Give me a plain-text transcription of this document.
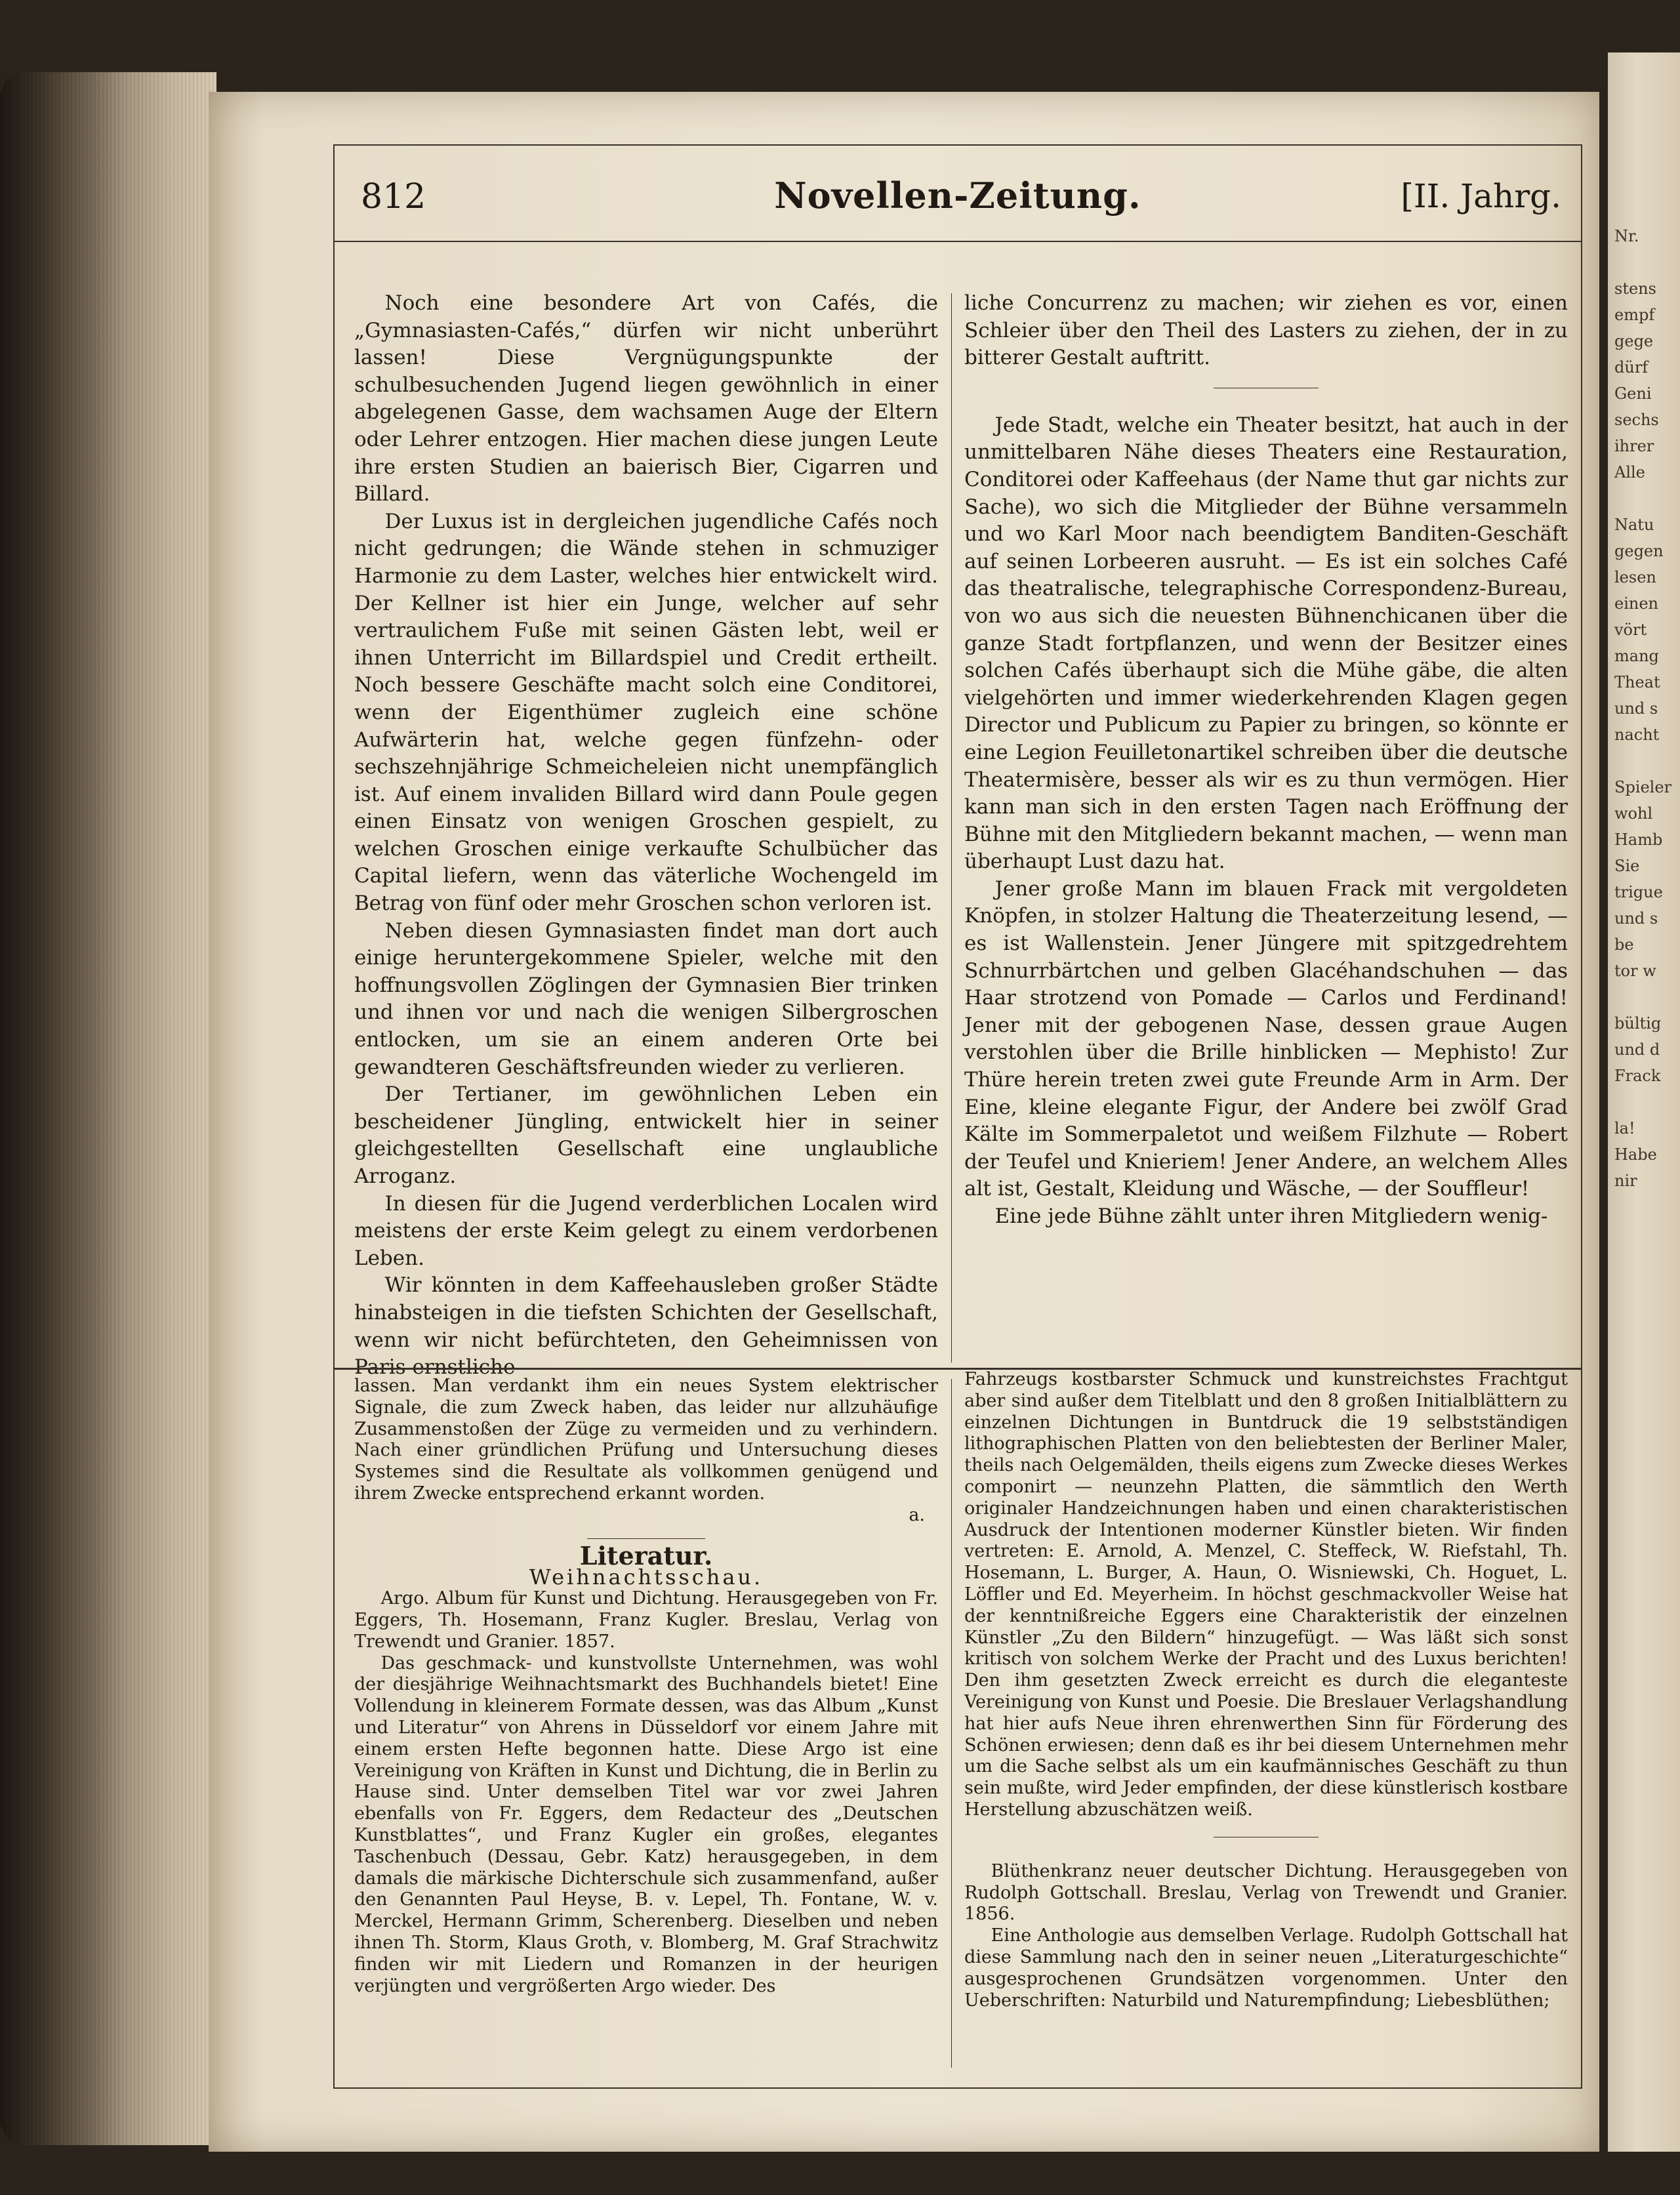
Nr.

stens
empf
gege
dürf
Geni
sechs
ihrer
Alle

Natu
gegen
lesen
einen
vört
mang
Theat
und s
nacht

Spieler
wohl
Hamb
Sie
trigue
und s
be
tor w

bültig
und d
Frack

la!
Habe
nir
812	Novellen-Zeitung.	[II. Jahrg.

Noch eine besondere Art von Cafés, die „Gymnasiasten-Cafés,“ dürfen wir nicht unberührt lassen! Diese Vergnügungspunkte der schulbesuchenden Jugend liegen gewöhnlich in einer abgelegenen Gasse, dem wachsamen Auge der Eltern oder Lehrer entzogen. Hier machen diese jungen Leute ihre ersten Studien an baierisch Bier, Cigarren und Billard.

Der Luxus ist in dergleichen jugendliche Cafés noch nicht gedrungen; die Wände stehen in schmuziger Harmonie zu dem Laster, welches hier entwickelt wird. Der Kellner ist hier ein Junge, welcher auf sehr vertraulichem Fuße mit seinen Gästen lebt, weil er ihnen Unterricht im Billardspiel und Credit ertheilt. Noch bessere Geschäfte macht solch eine Conditorei, wenn der Eigenthümer zugleich eine schöne Aufwärterin hat, welche gegen fünfzehn- oder sechszehnjährige Schmeicheleien nicht unempfänglich ist. Auf einem invaliden Billard wird dann Poule gegen einen Einsatz von wenigen Groschen gespielt, zu welchen Groschen einige verkaufte Schulbücher das Capital liefern, wenn das väterliche Wochengeld im Betrag von fünf oder mehr Groschen schon verloren ist.

Neben diesen Gymnasiasten findet man dort auch einige heruntergekommene Spieler, welche mit den hoffnungsvollen Zöglingen der Gymnasien Bier trinken und ihnen vor und nach die wenigen Silbergroschen entlocken, um sie an einem anderen Orte bei gewandteren Geschäftsfreunden wieder zu verlieren.

Der Tertianer, im gewöhnlichen Leben ein bescheidener Jüngling, entwickelt hier in seiner gleichgestellten Gesellschaft eine unglaubliche Arroganz.

In diesen für die Jugend verderblichen Localen wird meistens der erste Keim gelegt zu einem verdorbenen Leben.

Wir könnten in dem Kaffeehausleben großer Städte hinabsteigen in die tiefsten Schichten der Gesellschaft, wenn wir nicht befürchteten, den Geheimnissen von Paris ernstliche

liche Concurrenz zu machen; wir ziehen es vor, einen Schleier über den Theil des Lasters zu ziehen, der in zu bitterer Gestalt auftritt.

Jede Stadt, welche ein Theater besitzt, hat auch in der unmittelbaren Nähe dieses Theaters eine Restauration, Conditorei oder Kaffeehaus (der Name thut gar nichts zur Sache), wo sich die Mitglieder der Bühne versammeln und wo Karl Moor nach beendigtem Banditen-Geschäft auf seinen Lorbeeren ausruht. — Es ist ein solches Café das theatralische, telegraphische Correspondenz-Bureau, von wo aus sich die neuesten Bühnenchicanen über die ganze Stadt fortpflanzen, und wenn der Besitzer eines solchen Cafés überhaupt sich die Mühe gäbe, die alten vielgehörten und immer wiederkehrenden Klagen gegen Director und Publicum zu Papier zu bringen, so könnte er eine Legion Feuilletonartikel schreiben über die deutsche Theatermisère, besser als wir es zu thun vermögen. Hier kann man sich in den ersten Tagen nach Eröffnung der Bühne mit den Mitgliedern bekannt machen, — wenn man überhaupt Lust dazu hat.

Jener große Mann im blauen Frack mit vergoldeten Knöpfen, in stolzer Haltung die Theaterzeitung lesend, — es ist Wallenstein. Jener Jüngere mit spitzgedrehtem Schnurrbärtchen und gelben Glacéhandschuhen — das Haar strotzend von Pomade — Carlos und Ferdinand! Jener mit der gebogenen Nase, dessen graue Augen verstohlen über die Brille hinblicken — Mephisto! Zur Thüre herein treten zwei gute Freunde Arm in Arm. Der Eine, kleine elegante Figur, der Andere bei zwölf Grad Kälte im Sommerpaletot und weißem Filzhute — Robert der Teufel und Knieriem! Jener Andere, an welchem Alles alt ist, Gestalt, Kleidung und Wäsche, — der Souffleur!

Eine jede Bühne zählt unter ihren Mitgliedern wenig-

lassen. Man verdankt ihm ein neues System elektrischer Signale, die zum Zweck haben, das leider nur allzuhäufige Zusammenstoßen der Züge zu vermeiden und zu verhindern. Nach einer gründlichen Prüfung und Untersuchung dieses Systemes sind die Resultate als vollkommen genügend und ihrem Zwecke entsprechend erkannt worden.

a.

Literatur.

Weihnachtsschau.

Argo. Album für Kunst und Dichtung. Herausgegeben von Fr. Eggers, Th. Hosemann, Franz Kugler. Breslau, Verlag von Trewendt und Granier. 1857.

Das geschmack- und kunstvollste Unternehmen, was wohl der diesjährige Weihnachtsmarkt des Buchhandels bietet! Eine Vollendung in kleinerem Formate dessen, was das Album „Kunst und Literatur“ von Ahrens in Düsseldorf vor einem Jahre mit einem ersten Hefte begonnen hatte. Diese Argo ist eine Vereinigung von Kräften in Kunst und Dichtung, die in Berlin zu Hause sind. Unter demselben Titel war vor zwei Jahren ebenfalls von Fr. Eggers, dem Redacteur des „Deutschen Kunstblattes“, und Franz Kugler ein großes, elegantes Taschenbuch (Dessau, Gebr. Katz) herausgegeben, in dem damals die märkische Dichterschule sich zusammenfand, außer den Genannten Paul Heyse, B. v. Lepel, Th. Fontane, W. v. Merckel, Hermann Grimm, Scherenberg. Dieselben und neben ihnen Th. Storm, Klaus Groth, v. Blomberg, M. Graf Strachwitz finden wir mit Liedern und Romanzen in der heurigen verjüngten und vergrößerten Argo wieder. Des

Fahrzeugs kostbarster Schmuck und kunstreichstes Frachtgut aber sind außer dem Titelblatt und den 8 großen Initialblättern zu einzelnen Dichtungen in Buntdruck die 19 selbstständigen lithographischen Platten von den beliebtesten der Berliner Maler, theils nach Oelgemälden, theils eigens zum Zwecke dieses Werkes componirt — neunzehn Platten, die sämmtlich den Werth originaler Handzeichnungen haben und einen charakteristischen Ausdruck der Intentionen moderner Künstler bieten. Wir finden vertreten: E. Arnold, A. Menzel, C. Steffeck, W. Riefstahl, Th. Hosemann, L. Burger, A. Haun, O. Wisniewski, Ch. Hoguet, L. Löffler und Ed. Meyerheim. In höchst geschmackvoller Weise hat der kenntnißreiche Eggers eine Charakteristik der einzelnen Künstler „Zu den Bildern“ hinzugefügt. — Was läßt sich sonst kritisch von solchem Werke der Pracht und des Luxus berichten! Den ihm gesetzten Zweck erreicht es durch die eleganteste Vereinigung von Kunst und Poesie. Die Breslauer Verlagshandlung hat hier aufs Neue ihren ehrenwerthen Sinn für Förderung des Schönen erwiesen; denn daß es ihr bei diesem Unternehmen mehr um die Sache selbst als um ein kaufmännisches Geschäft zu thun sein mußte, wird Jeder empfinden, der diese künstlerisch kostbare Herstellung abzuschätzen weiß.

Blüthenkranz neuer deutscher Dichtung. Herausgegeben von Rudolph Gottschall. Breslau, Verlag von Trewendt und Granier. 1856.

Eine Anthologie aus demselben Verlage. Rudolph Gottschall hat diese Sammlung nach den in seiner neuen „Literaturgeschichte“ ausgesprochenen Grundsätzen vorgenommen. Unter den Ueberschriften: Naturbild und Naturempfindung; Liebesblüthen;
